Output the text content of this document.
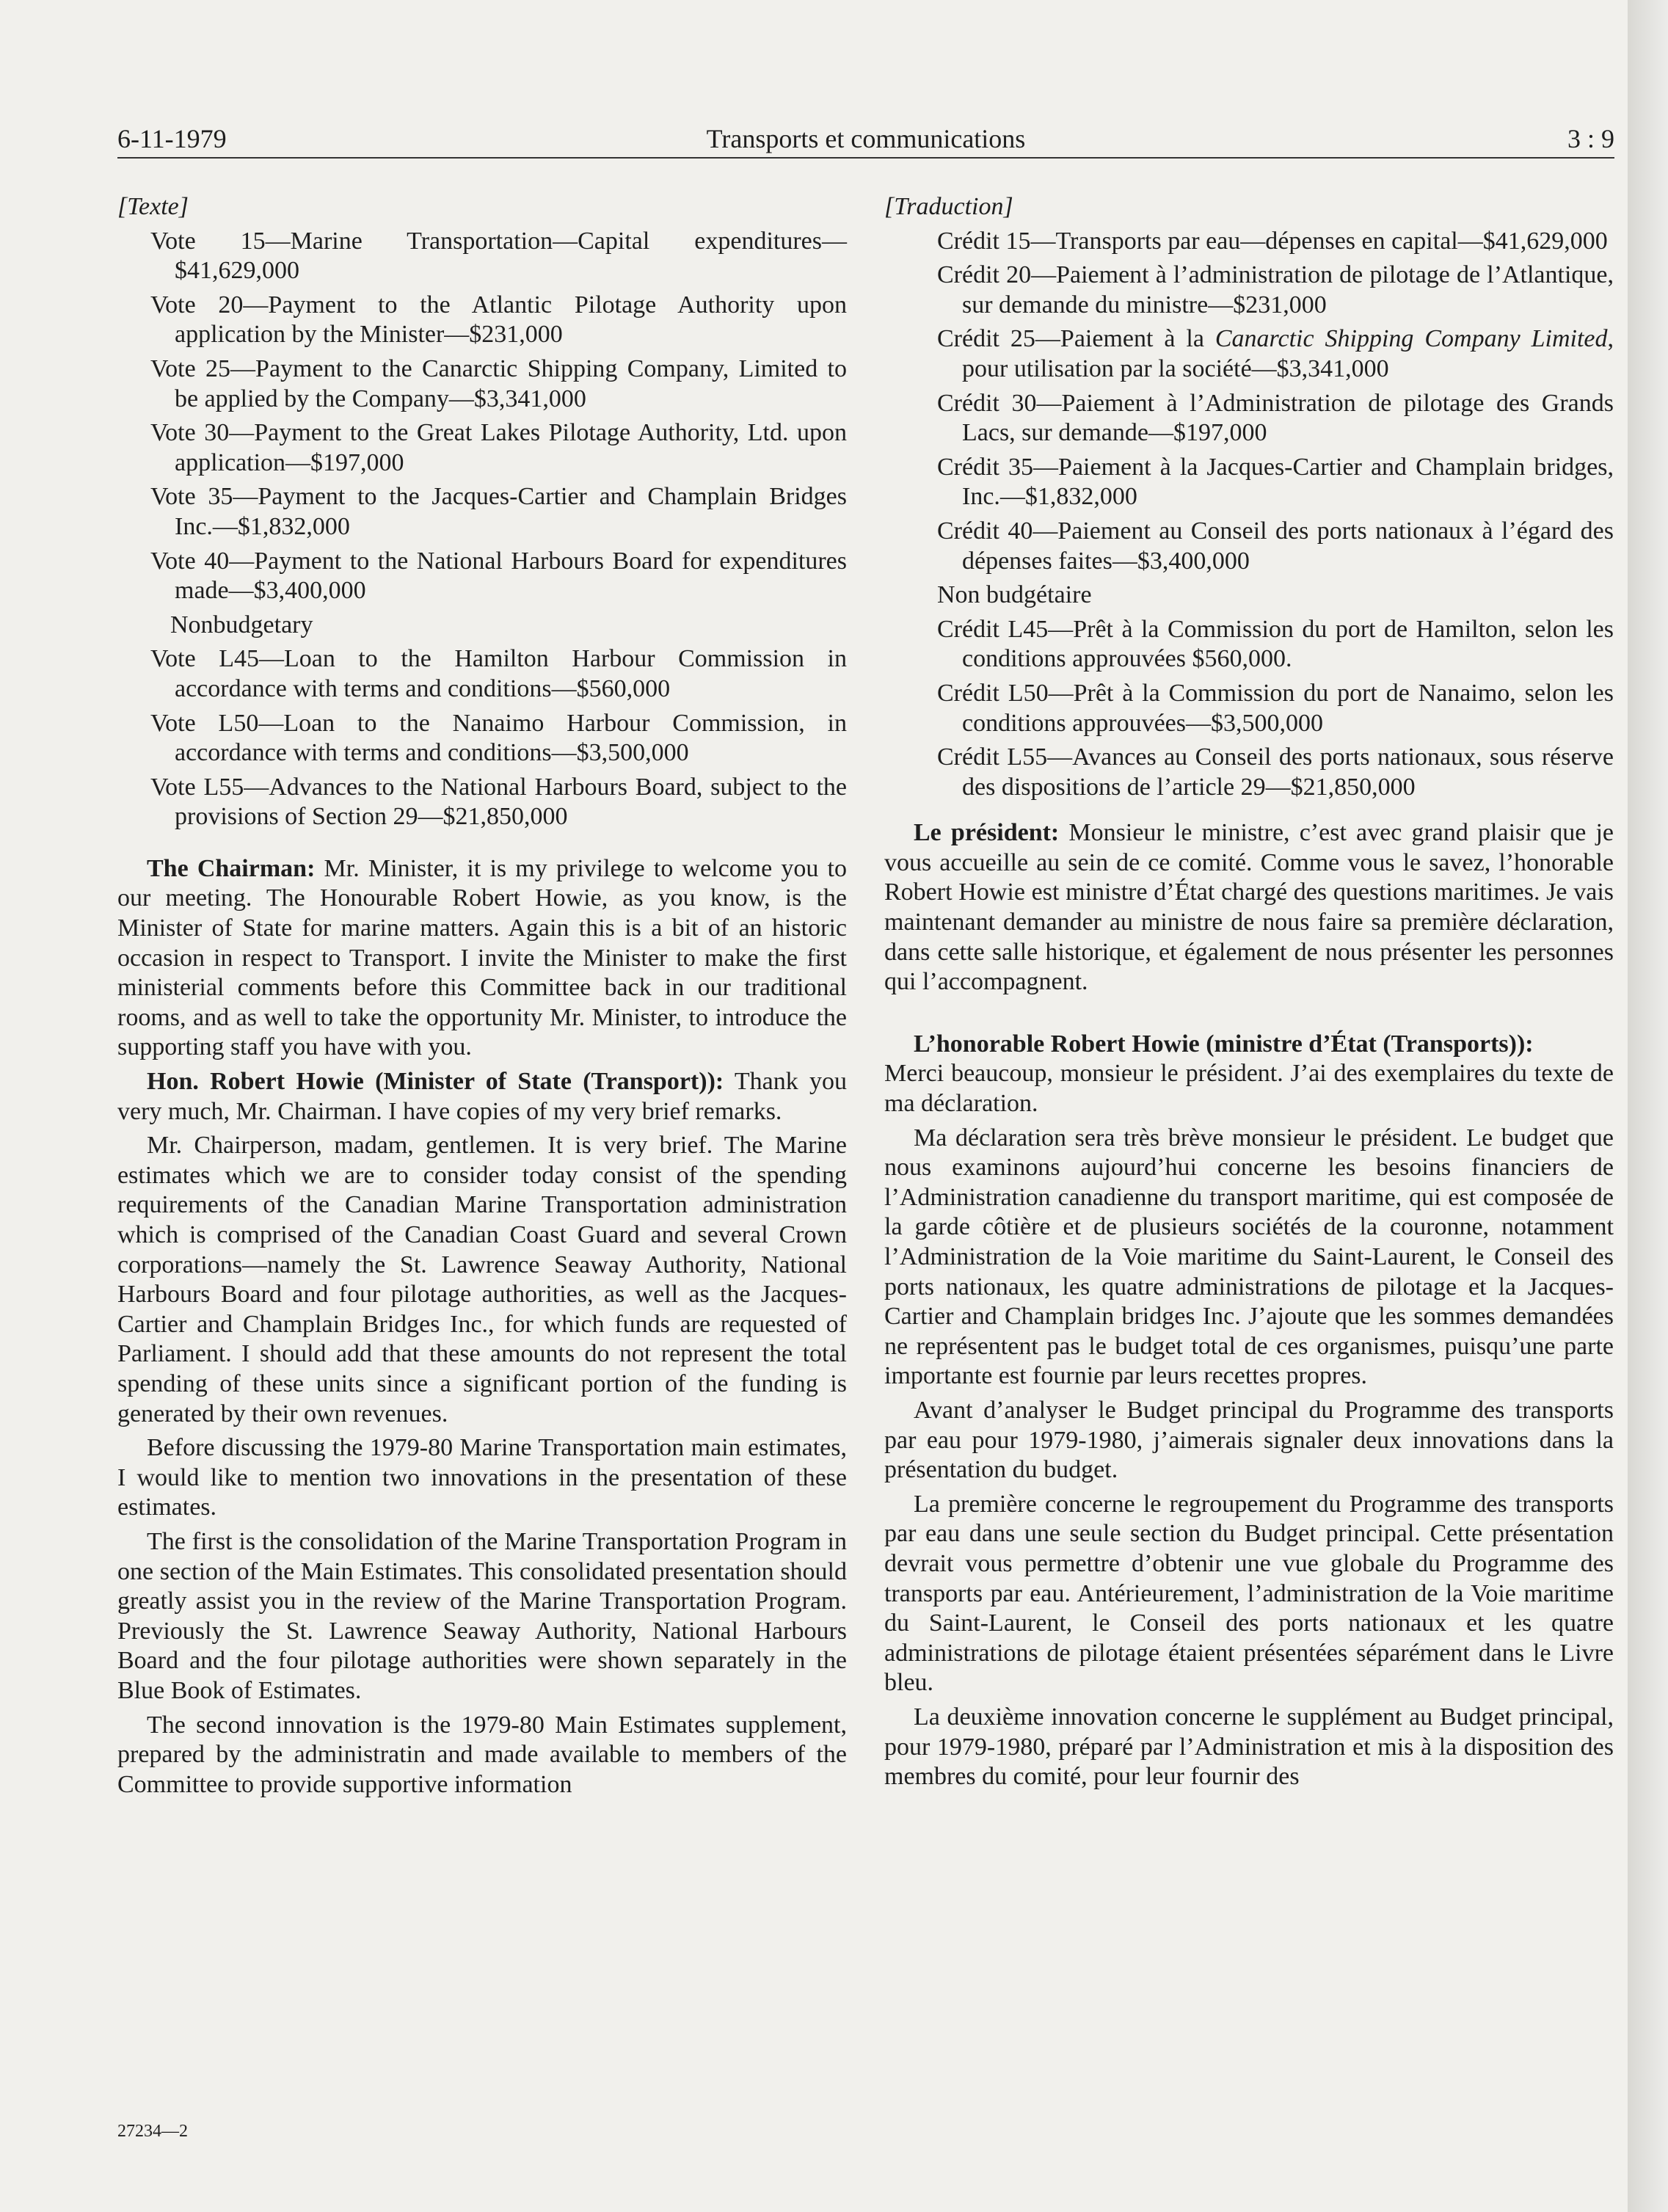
6-11-1979	Transports et communications	3 : 9

[Texte]

Vote 15—Marine Transportation—Capital expenditures—$41,629,000

Vote 20—Payment to the Atlantic Pilotage Authority upon application by the Minister—$231,000

Vote 25—Payment to the Canarctic Shipping Company, Limited to be applied by the Company—$3,341,000

Vote 30—Payment to the Great Lakes Pilotage Authority, Ltd. upon application—$197,000

Vote 35—Payment to the Jacques-Cartier and Champlain Bridges Inc.—$1,832,000

Vote 40—Payment to the National Harbours Board for expenditures made—$3,400,000

Nonbudgetary

Vote L45—Loan to the Hamilton Harbour Commission in accordance with terms and conditions—$560,000

Vote L50—Loan to the Nanaimo Harbour Commission, in accordance with terms and conditions—$3,500,000

Vote L55—Advances to the National Harbours Board, subject to the provisions of Section 29—$21,850,000

The Chairman: Mr. Minister, it is my privilege to welcome you to our meeting. The Honourable Robert Howie, as you know, is the Minister of State for marine matters. Again this is a bit of an historic occasion in respect to Transport. I invite the Minister to make the first ministerial comments before this Committee back in our traditional rooms, and as well to take the opportunity Mr. Minister, to introduce the supporting staff you have with you.

Hon. Robert Howie (Minister of State (Transport)): Thank you very much, Mr. Chairman. I have copies of my very brief remarks.

Mr. Chairperson, madam, gentlemen. It is very brief. The Marine estimates which we are to consider today consist of the spending requirements of the Canadian Marine Transportation administration which is comprised of the Canadian Coast Guard and several Crown corporations—namely the St. Lawrence Seaway Authority, National Harbours Board and four pilotage authorities, as well as the Jacques-Cartier and Champlain Bridges Inc., for which funds are requested of Parliament. I should add that these amounts do not represent the total spending of these units since a significant portion of the funding is generated by their own revenues.

Before discussing the 1979-80 Marine Transportation main estimates, I would like to mention two innovations in the presentation of these estimates.

The first is the consolidation of the Marine Transportation Program in one section of the Main Estimates. This consolidated presentation should greatly assist you in the review of the Marine Transportation Program. Previously the St. Lawrence Seaway Authority, National Harbours Board and the four pilotage authorities were shown separately in the Blue Book of Estimates.

The second innovation is the 1979-80 Main Estimates supplement, prepared by the administratin and made available to members of the Committee to provide supportive information

[Traduction]

Crédit 15—Transports par eau—dépenses en capital—$41,629,000

Crédit 20—Paiement à l’administration de pilotage de l’Atlantique, sur demande du ministre—$231,000

Crédit 25—Paiement à la Canarctic Shipping Company Limited, pour utilisation par la société—$3,341,000

Crédit 30—Paiement à l’Administration de pilotage des Grands Lacs, sur demande—$197,000

Crédit 35—Paiement à la Jacques-Cartier and Champlain bridges, Inc.—$1,832,000

Crédit 40—Paiement au Conseil des ports nationaux à l’égard des dépenses faites—$3,400,000

Non budgétaire

Crédit L45—Prêt à la Commission du port de Hamilton, selon les conditions approuvées $560,000.

Crédit L50—Prêt à la Commission du port de Nanaimo, selon les conditions approuvées—$3,500,000

Crédit L55—Avances au Conseil des ports nationaux, sous réserve des dispositions de l’article 29—$21,850,000

Le président: Monsieur le ministre, c’est avec grand plaisir que je vous accueille au sein de ce comité. Comme vous le savez, l’honorable Robert Howie est ministre d’État chargé des questions maritimes. Je vais maintenant demander au ministre de nous faire sa première déclaration, dans cette salle historique, et également de nous présenter les personnes qui l’accompagnent.

L’honorable Robert Howie (ministre d’État (Transports)):

Merci beaucoup, monsieur le président. J’ai des exemplaires du texte de ma déclaration.

Ma déclaration sera très brève monsieur le président. Le budget que nous examinons aujourd’hui concerne les besoins financiers de l’Administration canadienne du transport maritime, qui est composée de la garde côtière et de plusieurs sociétés de la couronne, notamment l’Administration de la Voie maritime du Saint-Laurent, le Conseil des ports nationaux, les quatre administrations de pilotage et la Jacques-Cartier and Champlain bridges Inc. J’ajoute que les sommes demandées ne représentent pas le budget total de ces organismes, puisqu’une parte importante est fournie par leurs recettes propres.

Avant d’analyser le Budget principal du Programme des transports par eau pour 1979-1980, j’aimerais signaler deux innovations dans la présentation du budget.

La première concerne le regroupement du Programme des transports par eau dans une seule section du Budget principal. Cette présentation devrait vous permettre d’obtenir une vue globale du Programme des transports par eau. Antérieurement, l’administration de la Voie maritime du Saint-Laurent, le Conseil des ports nationaux et les quatre administrations de pilotage étaient présentées séparément dans le Livre bleu.

La deuxième innovation concerne le supplément au Budget principal, pour 1979-1980, préparé par l’Administration et mis à la disposition des membres du comité, pour leur fournir des

27234—2
